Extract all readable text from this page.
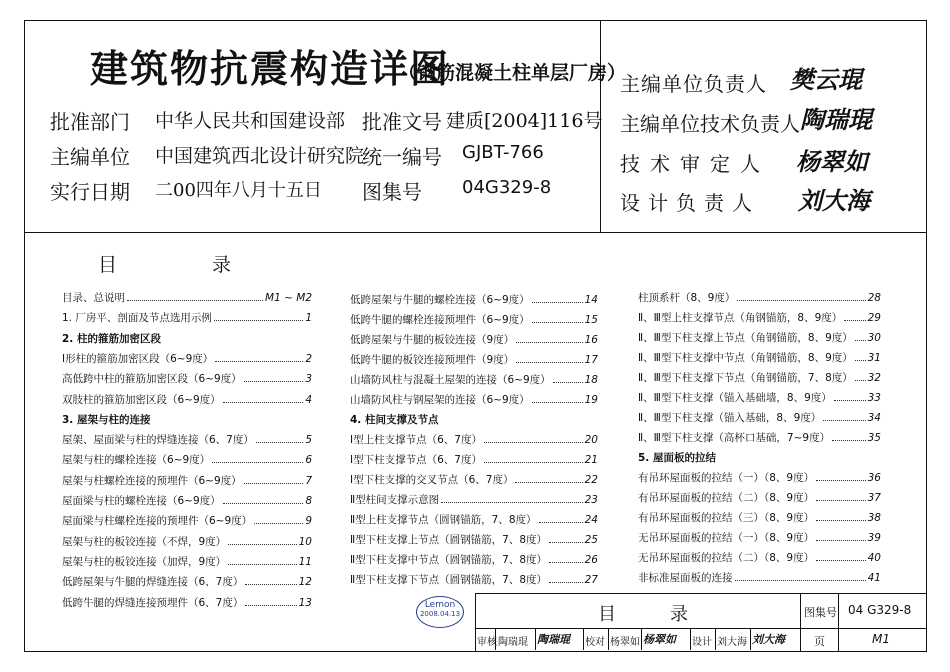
建筑物抗震构造详图
（钢筋混凝土柱单层厂房）
批准部门 中华人民共和国建设部 批准文号 建质[2004]116号
主编单位 中国建筑西北设计研究院
统一编号 GJBT-766
实行日期 二00四年八月十五日 图集号 04G329-8
主编单位负责人 樊云琨
主编单位技术负责人 陶瑞琨
技术审定人 杨翠如
设计负责人 刘大海
目　　　　　录
目录、总说明	M1 ~ M2
1. 厂房平、剖面及节点选用示例	1
2. 柱的箍筋加密区段
I形柱的箍筋加密区段（6~9度）	2
高低跨中柱的箍筋加密区段（6~9度）	3
双肢柱的箍筋加密区段（6~9度）	4
3. 屋架与柱的连接
屋架、屋面梁与柱的焊缝连接（6、7度）	5
屋架与柱的螺栓连接（6~9度）	6
屋架与柱螺栓连接的预埋件（6~9度）	7
屋面梁与柱的螺栓连接（6~9度）	8
屋面梁与柱螺栓连接的预埋件（6~9度）	9
屋架与柱的板铰连接（不焊，9度）	10
屋架与柱的板铰连接（加焊，9度）	11
低跨屋架与牛腿的焊缝连接（6、7度）	12
低跨牛腿的焊缝连接预埋件（6、7度）	13
低跨屋架与牛腿的螺栓连接（6~9度）	14
低跨牛腿的螺栓连接预埋件（6~9度）	15
低跨屋架与牛腿的板铰连接（9度）	16
低跨牛腿的板铰连接预埋件（9度）	17
山墙防风柱与混凝土屋架的连接（6~9度）	18
山墙防风柱与钢屋架的连接（6~9度）	19
4. 柱间支撑及节点
I型上柱支撑节点（6、7度）	20
I型下柱支撑节点（6、7度）	21
I型下柱支撑的交叉节点（6、7度）	22
Ⅱ型柱间支撑示意图	23
Ⅱ型上柱支撑节点（圆钢锚筋，7、8度）	24
Ⅱ型下柱支撑上节点（圆钢锚筋，7、8度）	25
Ⅱ型下柱支撑中节点（圆钢锚筋，7、8度）	26
Ⅱ型下柱支撑下节点（圆钢锚筋，7、8度）	27
柱顶系杆（8、9度）	28
Ⅱ、Ⅲ型上柱支撑节点（角钢锚筋，8、9度） 29
Ⅱ、Ⅲ型下柱支撑上节点（角钢锚筋，8、9度） 30
Ⅱ、Ⅲ型下柱支撑中节点（角钢锚筋，8、9度） 31
Ⅱ、Ⅲ型下柱支撑下节点（角钢锚筋，7、8度） 32
Ⅱ、Ⅲ型下柱支撑（锚入基础墙，8、9度）	33
Ⅱ、Ⅲ型下柱支撑（锚入基础，8、9度）	34
Ⅱ、Ⅲ型下柱支撑（高杯口基础，7~9度）	35
5. 屋面板的拉结
有吊环屋面板的拉结（一）（8、9度）	36
有吊环屋面板的拉结（二）（8、9度）	37
有吊环屋面板的拉结（三）（8、9度）	38
无吊环屋面板的拉结（一）（8、9度）	39
无吊环屋面板的拉结（二）（8、9度）	40
非标准屋面板的连接	41
Lemon
2008.04.13	目　　　录	图集号 04 G329-8
页	M1
审核 陶瑞琨 陶瑞琨 校对 杨翠如 杨翠如 设计 刘大海 刘大海
